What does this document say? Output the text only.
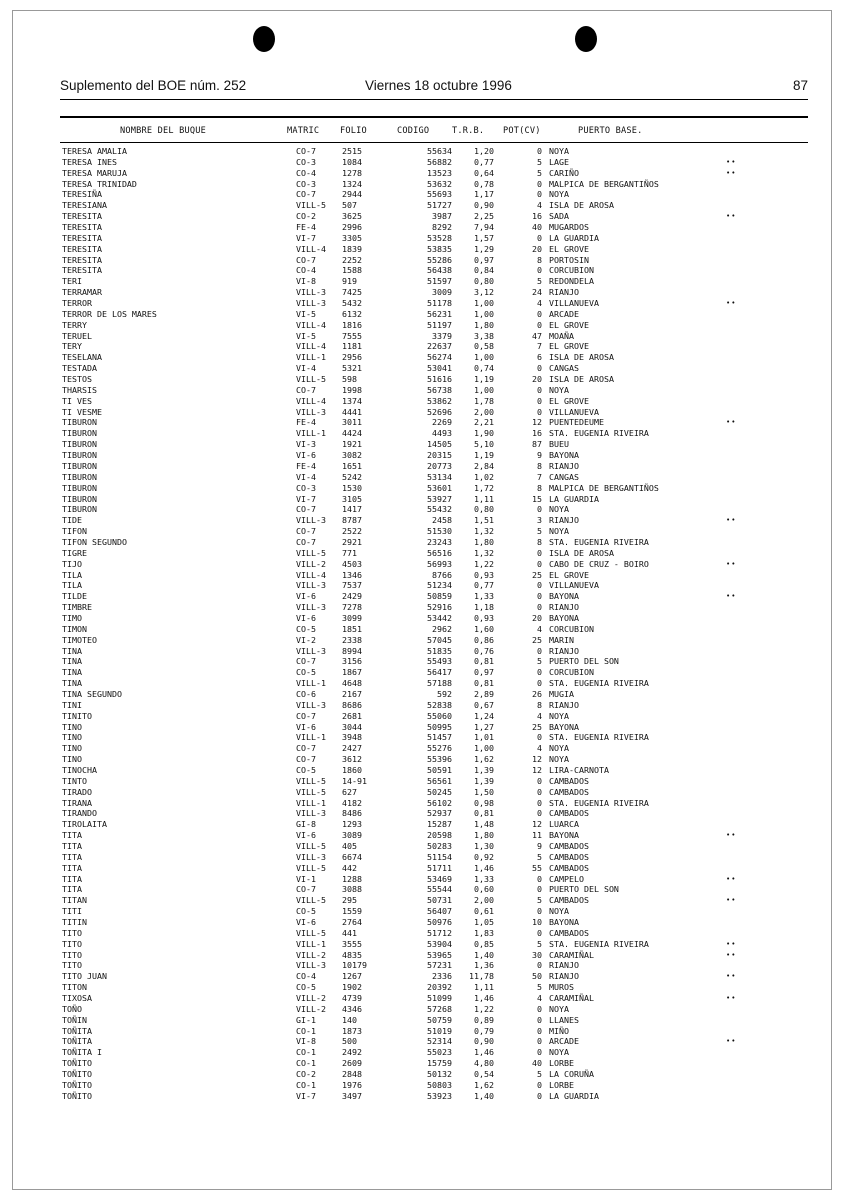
Suplemento del BOE núm. 252	Viernes 18 octubre 1996	87
NOMBRE DEL BUQUE	MATRIC FOLIO	CODIGO	T.R.B. POT(CV)	PUERTO BASE.
TERESA AMALIA	CO-7	2515	55634	1,20	0 NOYA
TERESA INES	CO-3	1084	56882	0,77	5 LAGE	••
TERESA MARUJA	CO-4	1278	13523	0,64	5 CARIÑO	••
TERESA TRINIDAD	CO-3	1324	53632	0,78	0 MALPICA DE BERGANTIÑOS
TERESIÑA	CO-7	2944	55693	1,17	0 NOYA
TERESIANA	VILL-5 507	51727	0,90	4 ISLA DE AROSA
TERESITA	CO-2	3625	3987	2,25	16 SADA	••
TERESITA	FE-4	2996	8292	7,94	40 MUGARDOS
TERESITA	VI-7	3305	53528	1,57	0 LA GUARDIA
TERESITA	VILL-4 1839	53835	1,29	20 EL GROVE
TERESITA	CO-7	2252	55286	0,97	8 PORTOSIN
TERESITA	CO-4	1588	56438	0,84	0 CORCUBION
TERI	VI-8	919	51597	0,80	5 REDONDELA
TERRAMAR	VILL-3 7425	3009	3,12	24 RIANJO
TERROR	VILL-3 5432	51178	1,00	4 VILLANUEVA	••
TERROR DE LOS MARES	VI-5	6132	56231	1,00	0 ARCADE
TERRY	VILL-4 1816	51197	1,80	0 EL GROVE
TERUEL	VI-5	7555	3379	3,38	47 MOAÑA
TERY	VILL-4 1181	22637	0,58	7 EL GROVE
TESELANA	VILL-1 2956	56274	1,00	6 ISLA DE AROSA
TESTADA	VI-4	5321	53041	0,74	0 CANGAS
TESTOS	VILL-5 598	51616	1,19	20 ISLA DE AROSA
THARSIS	CO-7	1998	56738	1,00	0 NOYA
TI VES	VILL-4 1374	53862	1,78	0 EL GROVE
TI VESME	VILL-3 4441	52696	2,00	0 VILLANUEVA
TIBURON	FE-4	3011	2269	2,21	12 PUENTEDEUME	••
TIBURON	VILL-1 4424	4493	1,90	16 STA. EUGENIA RIVEIRA
TIBURON	VI-3	1921	14505	5,10	87 BUEU
TIBURON	VI-6	3082	20315	1,19	9 BAYONA
TIBURON	FE-4	1651	20773	2,84	8 RIANJO
TIBURON	VI-4	5242	53134	1,02	7 CANGAS
TIBURON	CO-3	1530	53601	1,72	8 MALPICA DE BERGANTIÑOS
TIBURON	VI-7	3105	53927	1,11	15 LA GUARDIA
TIBURON	CO-7	1417	55432	0,80	0 NOYA
TIDE	VILL-3 8787	2458	1,51	3 RIANJO	••
TIFON	CO-7	2522	51530	1,32	5 NOYA
TIFON SEGUNDO	CO-7	2921	23243	1,80	8 STA. EUGENIA RIVEIRA
TIGRE	VILL-5 771	56516	1,32	0 ISLA DE AROSA
TIJO	VILL-2 4503	56993	1,22	0 CABO DE CRUZ - BOIRO	••
TILA	VILL-4 1346	8766	0,93	25 EL GROVE
TILA	VILL-3 7537	51234	0,77	0 VILLANUEVA
TILDE	VI-6	2429	50859	1,33	0 BAYONA	••
TIMBRE	VILL-3 7278	52916	1,18	0 RIANJO
TIMO	VI-6	3099	53442	0,93	20 BAYONA
TIMON	CO-5	1851	2962	1,60	4 CORCUBION
TIMOTEO	VI-2	2338	57045	0,86	25 MARIN
TINA	VILL-3 8994	51835	0,76	0 RIANJO
TINA	CO-7	3156	55493	0,81	5 PUERTO DEL SON
TINA	CO-5	1867	56417	0,97	0 CORCUBION
TINA	VILL-1 4648	57188	0,81	0 STA. EUGENIA RIVEIRA
TINA SEGUNDO	CO-6	2167	592	2,89	26 MUGIA
TINI	VILL-3 8686	52838	0,67	8 RIANJO
TINITO	CO-7	2681	55060	1,24	4 NOYA
TINO	VI-6	3044	50995	1,27	25 BAYONA
TINO	VILL-1 3948	51457	1,01	0 STA. EUGENIA RIVEIRA
TINO	CO-7	2427	55276	1,00	4 NOYA
TINO	CO-7	3612	55396	1,62	12 NOYA
TINOCHA	CO-5	1860	50591	1,39	12 LIRA-CARNOTA
TINTO	VILL-5 14-91	56561	1,39	0 CAMBADOS
TIRADO	VILL-5 627	50245	1,50	0 CAMBADOS
TIRANA	VILL-1 4182	56102	0,98	0 STA. EUGENIA RIVEIRA
TIRANDO	VILL-3 8486	52937	0,81	0 CAMBADOS
TIROLAITA	GI-8	1293	15287	1,48	12 LUARCA
TITA	VI-6	3089	20598	1,80	11 BAYONA	••
TITA	VILL-5 405	50283	1,30	9 CAMBADOS
TITA	VILL-3 6674	51154	0,92	5 CAMBADOS
TITA	VILL-5 442	51711	1,46	55 CAMBADOS
TITA	VI-1	1288	53469	1,33	0 CAMPELO	••
TITA	CO-7	3088	55544	0,60	0 PUERTO DEL SON
TITAN	VILL-5 295	50731	2,00	5 CAMBADOS	••
TITI	CO-5	1559	56407	0,61	0 NOYA
TITIN	VI-6	2764	50976	1,05	10 BAYONA
TITO	VILL-5 441	51712	1,83	0 CAMBADOS
TITO	VILL-1 3555	53904	0,85	5 STA. EUGENIA RIVEIRA	••
TITO	VILL-2 4835	53965	1,40	30 CARAMIÑAL	••
TITO	VILL-3 10179	57231	1,36	0 RIANJO
TITO JUAN	CO-4	1267	2336	11,78	50 RIANJO	••
TITON	CO-5	1902	20392	1,11	5 MUROS
TIXOSA	VILL-2 4739	51099	1,46	4 CARAMIÑAL	••
TOÑO	VILL-2 4346	57268	1,22	0 NOYA
TOÑIN	GI-1	140	50759	0,89	0 LLANES
TOÑITA	CO-1	1873	51019	0,79	0 MIÑO
TOÑITA	VI-8	500	52314	0,90	0 ARCADE	••
TOÑITA I	CO-1	2492	55023	1,46	0 NOYA
TOÑITO	CO-1	2609	15759	4,80	40 LORBE
TOÑITO	CO-2	2848	50132	0,54	5 LA CORUÑA
TOÑITO	CO-1	1976	50803	1,62	0 LORBE
TOÑITO	VI-7	3497	53923	1,40	0 LA GUARDIA
